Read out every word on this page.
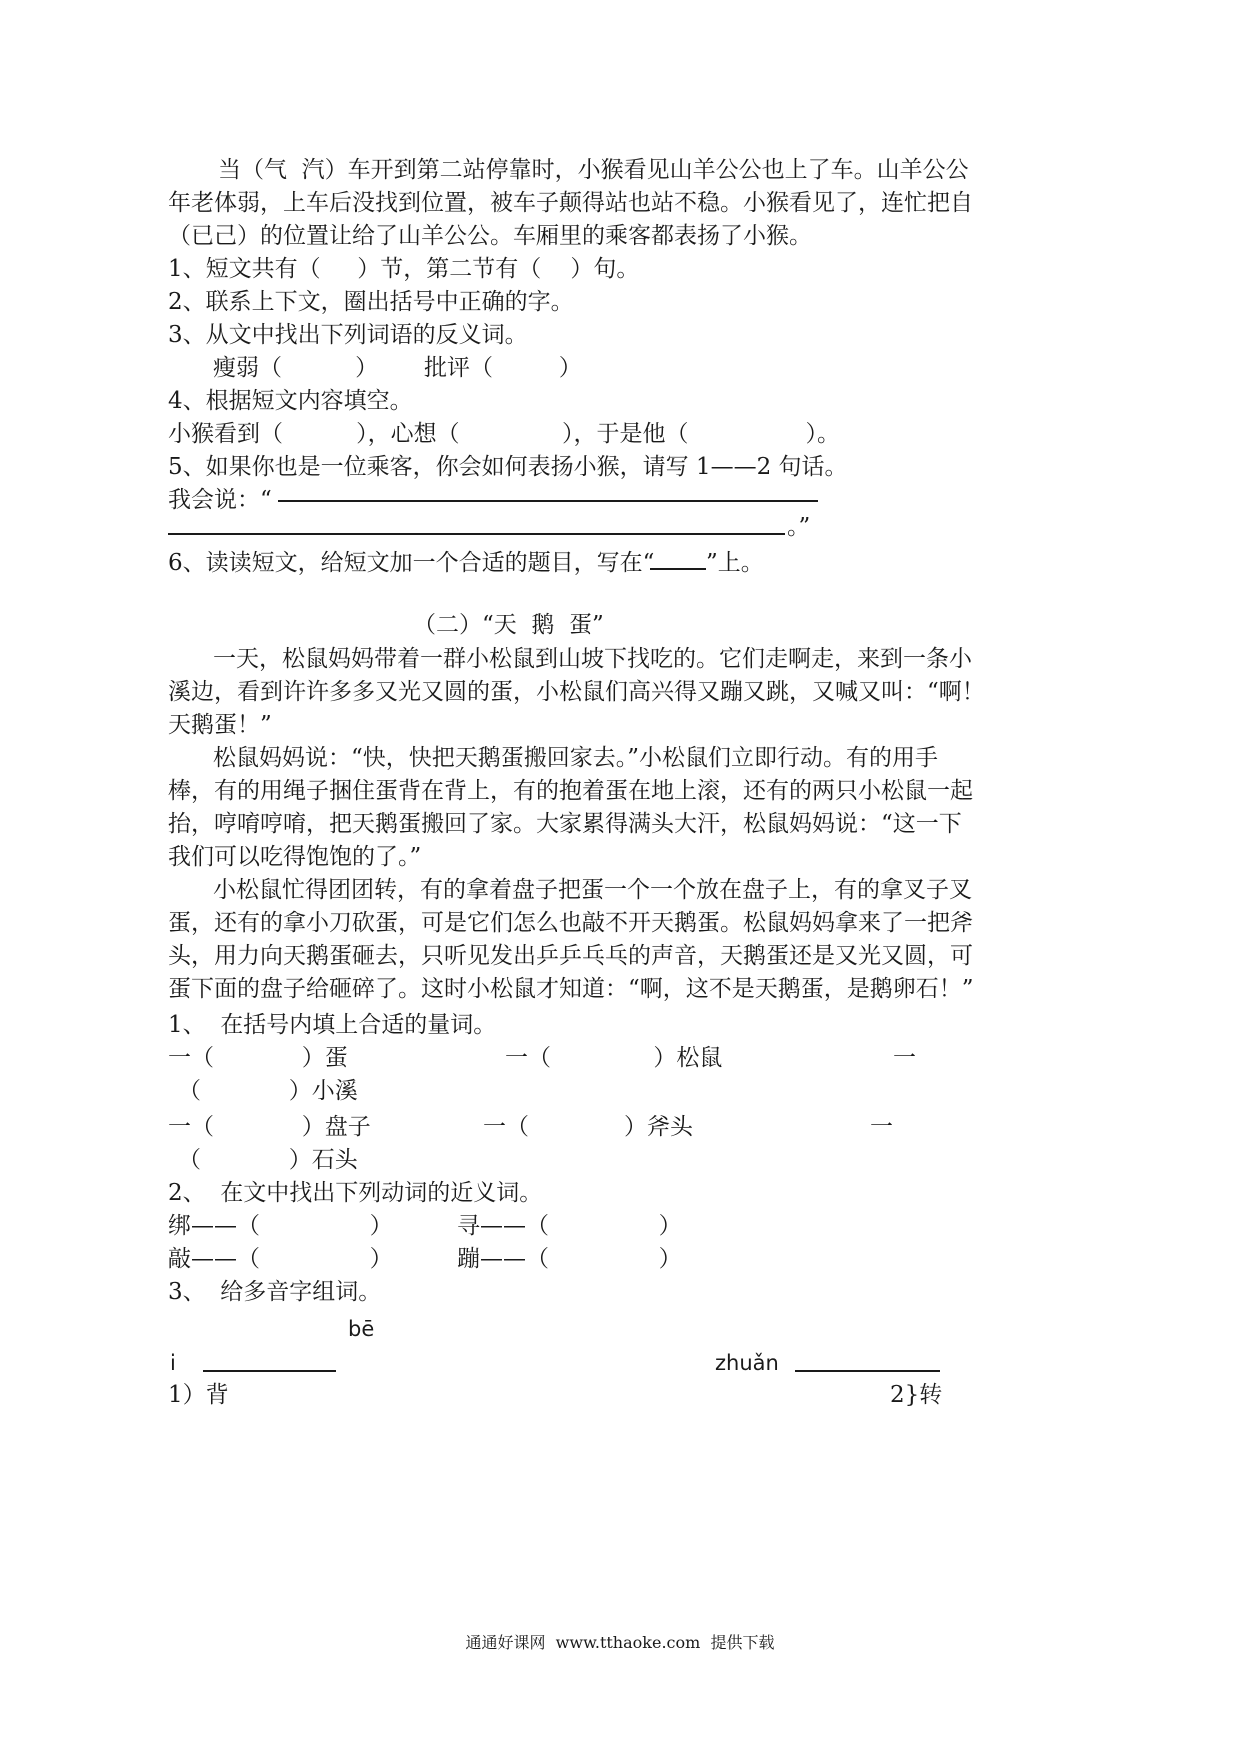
当（气  汽）车开到第二站停靠时，小猴看见山羊公公也上了车。山羊公公
年老体弱，上车后没找到位置，被车子颠得站也站不稳。小猴看见了，连忙把自
（已己）的位置让给了山羊公公。车厢里的乘客都表扬了小猴。
1、短文共有（     ）节，第二节有（    ）句。
2、联系上下文，圈出括号中正确的字。
3、从文中找出下列词语的反义词。
瘦弱（          ） 批评（         ）
4、根据短文内容填空。
小猴看到（          ），心想（              ），于是他（                ）。
5、如果你也是一位乘客，你会如何表扬小猴，请写 1——2 句话。
我会说：“
。”
6、读读短文，给短文加一个合适的题目，写在“ ”上。
（二）“天  鹅  蛋”
一天，松鼠妈妈带着一群小松鼠到山坡下找吃的。它们走啊走，来到一条小
溪边，看到许许多多又光又圆的蛋，小松鼠们高兴得又蹦又跳，又喊又叫：“啊！
天鹅蛋！”
松鼠妈妈说：“快，快把天鹅蛋搬回家去。”小松鼠们立即行动。有的用手
棒，有的用绳子捆住蛋背在背上，有的抱着蛋在地上滚，还有的两只小松鼠一起
抬，哼唷哼唷，把天鹅蛋搬回了家。大家累得满头大汗，松鼠妈妈说：“这一下
我们可以吃得饱饱的了。”
小松鼠忙得团团转，有的拿着盘子把蛋一个一个放在盘子上，有的拿叉子叉
蛋，还有的拿小刀砍蛋，可是它们怎么也敲不开天鹅蛋。松鼠妈妈拿来了一把斧
头，用力向天鹅蛋砸去，只听见发出乒乒乓乓的声音，天鹅蛋还是又光又圆，可
蛋下面的盘子给砸碎了。这时小松鼠才知道：“啊，这不是天鹅蛋，是鹅卵石！”
1、  在括号内填上合适的量词。
一（            ）蛋	一（              ）松鼠	一
（            ）小溪
一（            ）盘子	一（             ）斧头	一
（            ）石头
2、  在文中找出下列动词的近义词。
绑——（               ）	寻——（               ）
敲——（               ）	蹦——（               ）
3、  给多音字组词。
bē
i	zhuǎn
1）背	2}转
通通好课网  www.tthaoke.com  提供下载
